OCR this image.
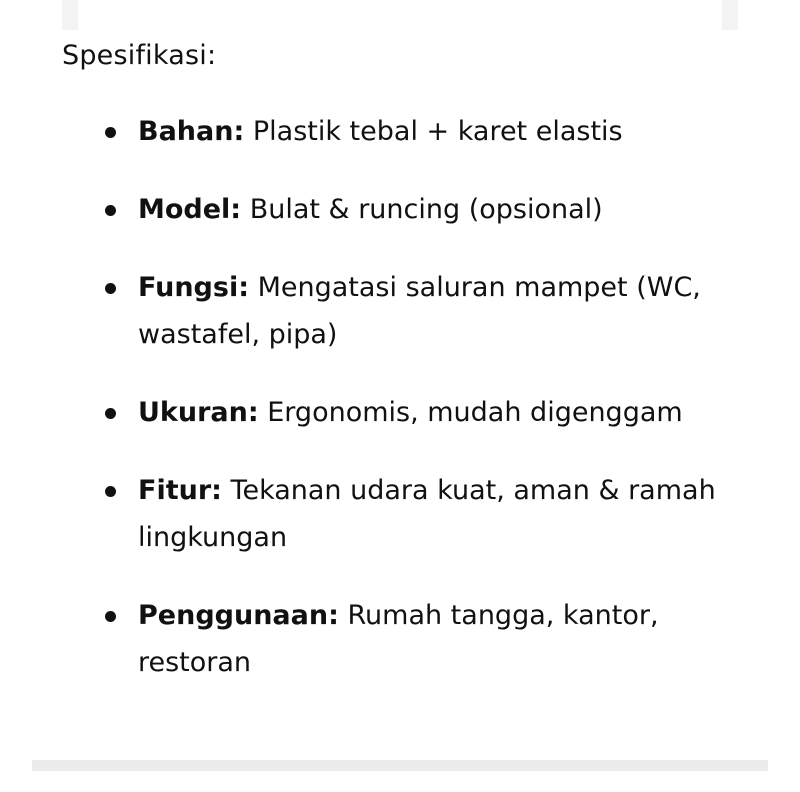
Spesifikasi:
Bahan: Plastik tebal + karet elastis
Model: Bulat & runcing (opsional)
Fungsi: Mengatasi saluran mampet (WC, wastafel, pipa)
Ukuran: Ergonomis, mudah digenggam
Fitur: Tekanan udara kuat, aman & ramah lingkungan
Penggunaan: Rumah tangga, kantor, restoran
